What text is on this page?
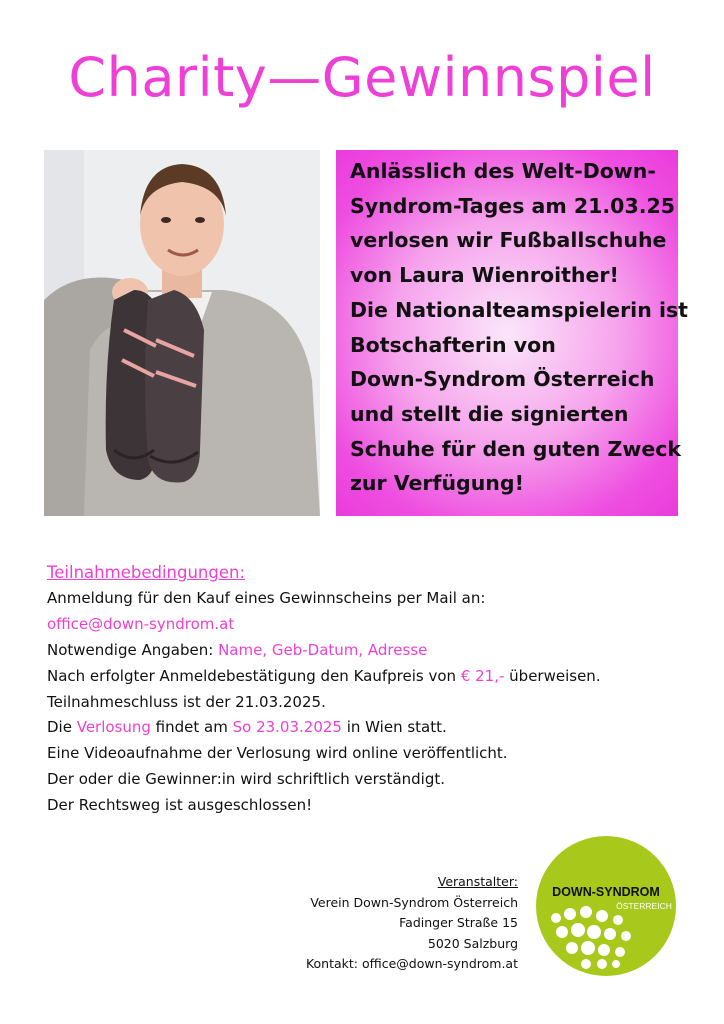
Charity—Gewinnspiel
Anlässlich des Welt-Down-
Syndrom-Tages am 21.03.25
verlosen wir Fußballschuhe
von Laura Wienroither!
Die Nationalteamspielerin ist
Botschafterin von
Down-Syndrom Österreich
und stellt die signierten
Schuhe für den guten Zweck
zur Verfügung!
Teilnahmebedingungen:
Anmeldung für den Kauf eines Gewinnscheins per Mail an:
office@down-syndrom.at
Notwendige Angaben: Name, Geb-Datum, Adresse
Nach erfolgter Anmeldebestätigung den Kaufpreis von € 21,- überweisen.
Teilnahmeschluss ist der 21.03.2025.
Die Verlosung findet am So 23.03.2025 in Wien statt.
Eine Videoaufnahme der Verlosung wird online veröffentlicht.
Der oder die Gewinner:in wird schriftlich verständigt.
Der Rechtsweg ist ausgeschlossen!
Veranstalter:
Verein Down-Syndrom Österreich
Fadinger Straße 15
5020 Salzburg
Kontakt: office@down-syndrom.at
DOWN-SYNDROM
ÖSTERREICH
